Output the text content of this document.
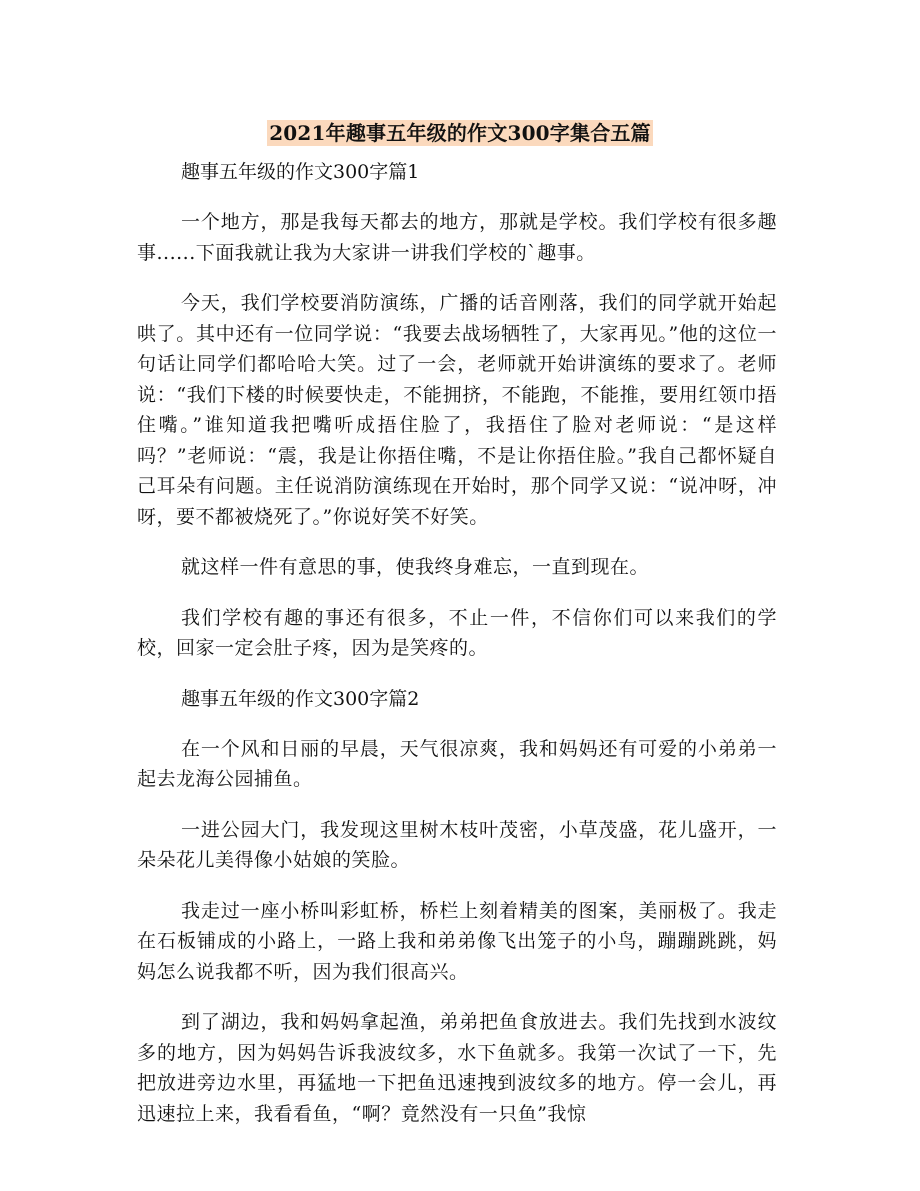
2021年趣事五年级的作文300字集合五篇
趣事五年级的作文300字篇1

一个地方，那是我每天都去的地方，那就是学校。我们学校有很多趣事......下面我就让我为大家讲一讲我们学校的`趣事。

今天，我们学校要消防演练，广播的话音刚落，我们的同学就开始起哄了。其中还有一位同学说：“我要去战场牺牲了，大家再见。”他的这位一句话让同学们都哈哈大笑。过了一会，老师就开始讲演练的要求了。老师说：“我们下楼的时候要快走，不能拥挤，不能跑，不能推，要用红领巾捂住嘴。”谁知道我把嘴听成捂住脸了，我捂住了脸对老师说：“是这样吗？”老师说：“震，我是让你捂住嘴，不是让你捂住脸。”我自己都怀疑自己耳朵有问题。主任说消防演练现在开始时，那个同学又说：“说冲呀，冲呀，要不都被烧死了。”你说好笑不好笑。

就这样一件有意思的事，使我终身难忘，一直到现在。

我们学校有趣的事还有很多，不止一件，不信你们可以来我们的学校，回家一定会肚子疼，因为是笑疼的。

趣事五年级的作文300字篇2

在一个风和日丽的早晨，天气很凉爽，我和妈妈还有可爱的小弟弟一起去龙海公园捕鱼。

一进公园大门，我发现这里树木枝叶茂密，小草茂盛，花儿盛开，一朵朵花儿美得像小姑娘的笑脸。

我走过一座小桥叫彩虹桥，桥栏上刻着精美的图案，美丽极了。我走在石板铺成的小路上，一路上我和弟弟像飞出笼子的小鸟，蹦蹦跳跳，妈妈怎么说我都不听，因为我们很高兴。

到了湖边，我和妈妈拿起渔，弟弟把鱼食放进去。我们先找到水波纹多的地方，因为妈妈告诉我波纹多，水下鱼就多。我第一次试了一下，先把放进旁边水里，再猛地一下把鱼迅速拽到波纹多的地方。停一会儿，再迅速拉上来，我看看鱼，“啊？竟然没有一只鱼”我惊
